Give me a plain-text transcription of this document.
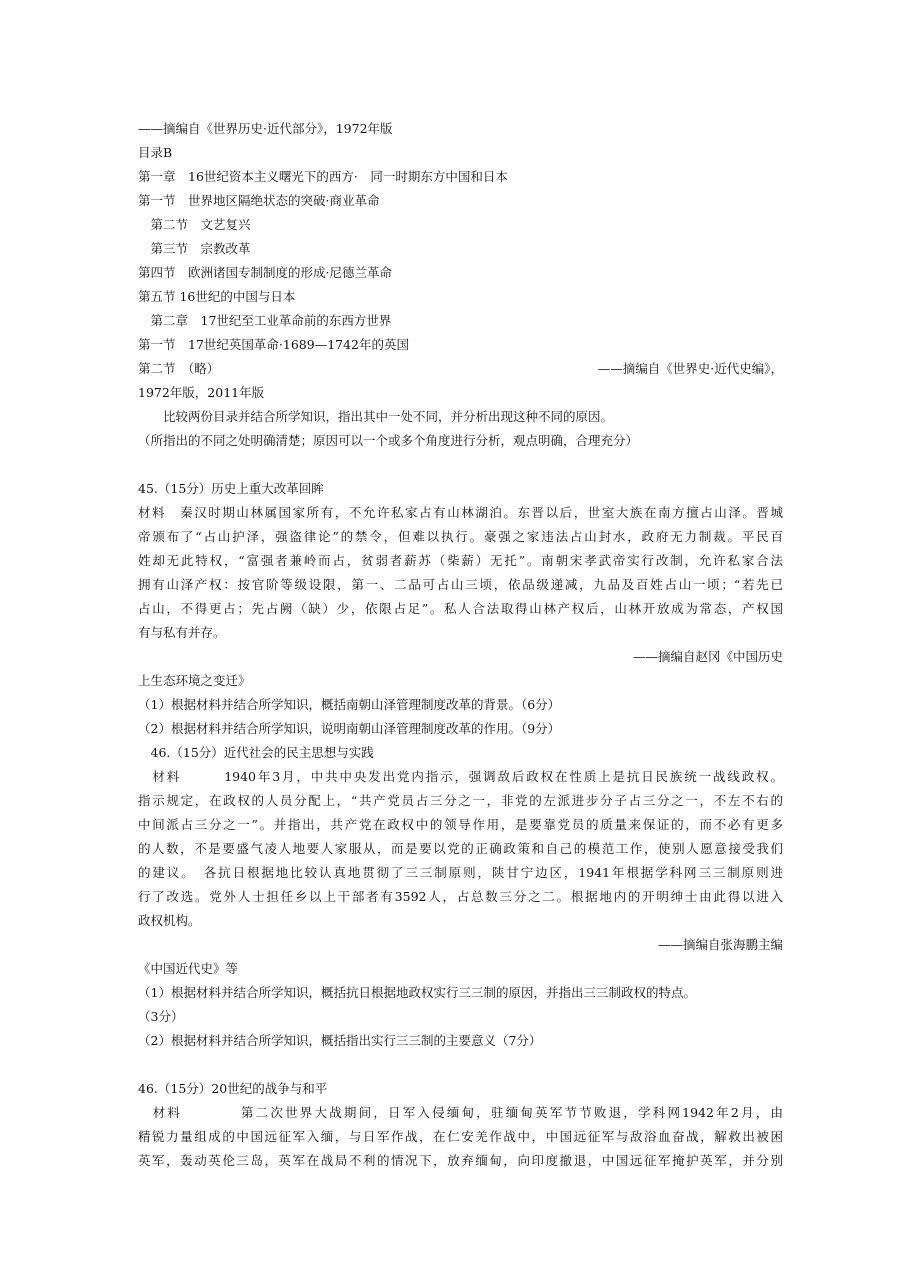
——摘编自《世界历史·近代部分》，1972年版
目录B
第一章　16世纪资本主义曙光下的西方·　同一时期东方中国和日本
第一节　世界地区隔绝状态的突破·商业革命
　第二节　文艺复兴
　第三节　宗教改革
第四节　欧洲诸国专制制度的形成·尼德兰革命
第五节 16世纪的中国与日本
　第二章　17世纪至工业革命前的东西方世界
第一节　17世纪英国革命·1689—1742年的英国
第二节　（略）	——摘编自《世界史·近代史编》，
1972年版，2011年版
　　比较两份目录并结合所学知识，指出其中一处不同，并分析出现这种不同的原因。
（所指出的不同之处明确清楚；原因可以一个或多个角度进行分析，观点明确，合理充分）
45.（15分）历史上重大改革回眸
材料　秦汉时期山林属国家所有，不允许私家占有山林湖泊。东晋以后，世室大族在南方擅占山泽。晋城
帝颁布了“占山护泽，强盗律论”的禁令，但难以执行。豪强之家违法占山封水，政府无力制裁。平民百
姓却无此特权，“富强者兼岭而占，贫弱者薪苏（柴薪）无托”。南朝宋孝武帝实行改制，允许私家合法
拥有山泽产权：按官阶等级设限，第一、二品可占山三顷，依品级递减，九品及百姓占山一顷；“若先已
占山，不得更占；先占阙（缺）少，依限占足”。私人合法取得山林产权后，山林开放成为常态，产权国
有与私有并存。
——摘编自赵冈《中国历史
上生态环境之变迁》
（1）根据材料并结合所学知识，概括南朝山泽管理制度改革的背景。（6分）
（2）根据材料并结合所学知识，说明南朝山泽管理制度改革的作用。（9分）
　46.（15分）近代社会的民主思想与实践
　材料　　　1940年3月，中共中央发出党内指示，强调敌后政权在性质上是抗日民族统一战线政权。
指示规定，在政权的人员分配上，“共产党员占三分之一，非党的左派进步分子占三分之一，不左不右的
中间派占三分之一”。并指出，共产党在政权中的领导作用，是要靠党员的质量来保证的，而不必有更多
的人数，不是要盛气凌人地要人家服从，而是要以党的正确政策和自己的模范工作，使别人愿意接受我们
的建议。　各抗日根据地比较认真地贯彻了三三制原则，陕甘宁边区，1941年根据学科网三三制原则进
行了改选。党外人士担任乡以上干部者有3592人，占总数三分之二。根据地内的开明绅士由此得以进入
政权机构。
——摘编自张海鹏主编
《中国近代史》等
（1）根据材料并结合所学知识，概括抗日根据地政权实行三三制的原因，并指出三三制政权的特点。
（3分）
（2）根据材料并结合所学知识，概括指出实行三三制的主要意义（7分）
46.（15分）20世纪的战争与和平
　材料　　　　第二次世界大战期间，日军入侵缅甸，驻缅甸英军节节败退，学科网1942年2月，由
精锐力量组成的中国远征军入缅，与日军作战，在仁安羌作战中，中国远征军与敌浴血奋战，解救出被困
英军，轰动英伦三岛，英军在战局不利的情况下，放弃缅甸，向印度撤退，中国远征军掩护英军，并分别
